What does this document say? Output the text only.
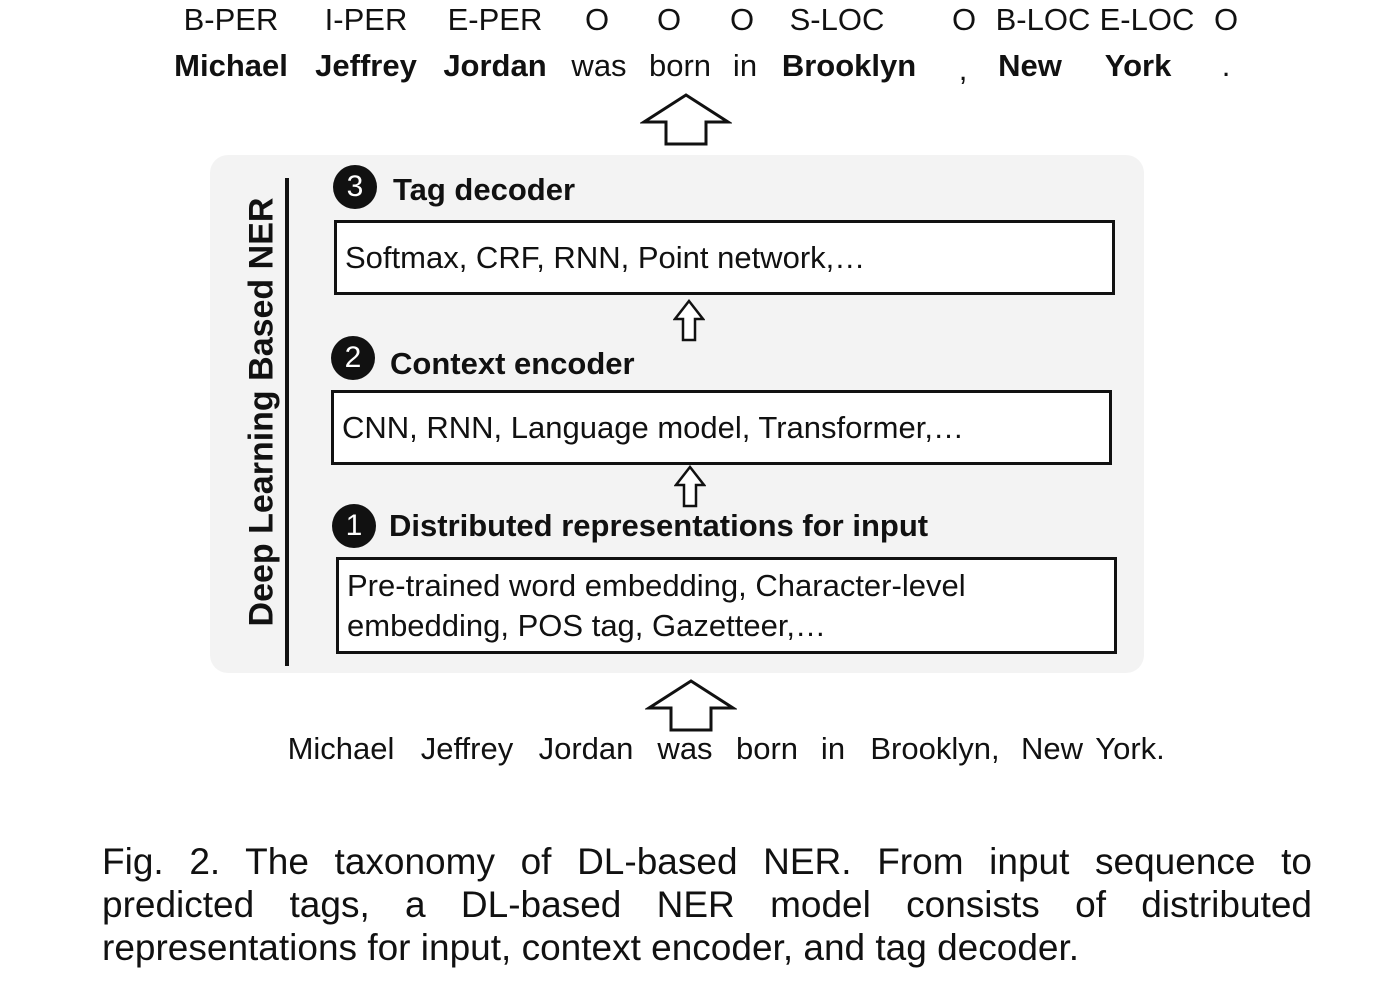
B-PER I-PER E-PER O O O S-LOC O B-LOC E-LOC O
Michael Jeffrey Jordan was born in Brooklyn , New York .
Deep Learning Based NER
3 Tag decoder
Softmax, CRF, RNN, Point network,…
2 Context encoder
CNN, RNN, Language model, Transformer,…
1 Distributed representations for input
Pre-trained word embedding, Character-level
embedding, POS tag, Gazetteer,…
Michael Jeffrey Jordan was born in Brooklyn, New York.
Fig. 2. The taxonomy of DL-based NER. From input sequence to predicted tags, a DL-based NER model consists of distributed representations for input, context encoder, and tag decoder.
